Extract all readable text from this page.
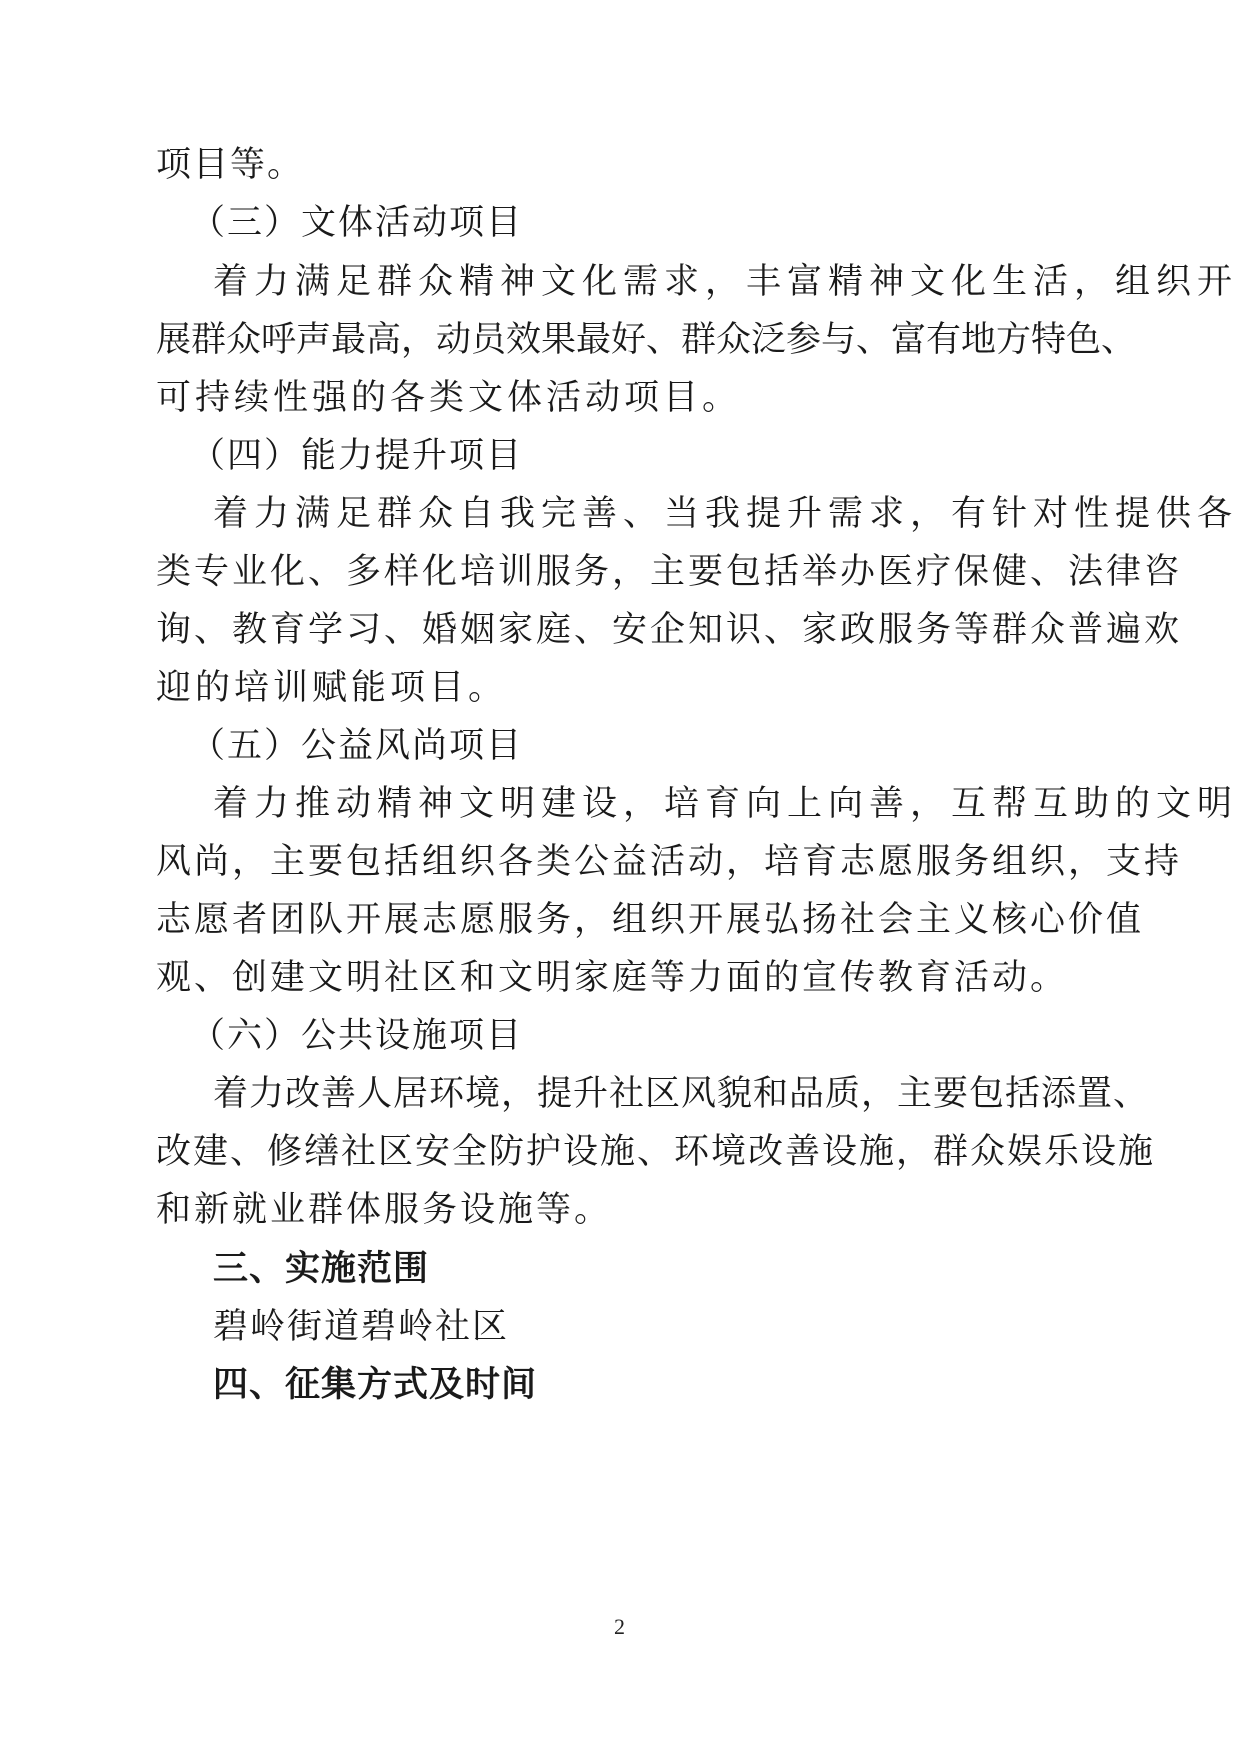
项目等。
（三）文体活动项目
着力满足群众精神文化需求，丰富精神文化生活，组织开
展群众呼声最高，动员效果最好、群众泛参与、富有地方特色、
可持续性强的各类文体活动项目。
（四）能力提升项目
着力满足群众自我完善、当我提升需求，有针对性提供各
类专业化、多样化培训服务，主要包括举办医疗保健、法律咨
询、教育学习、婚姻家庭、安企知识、家政服务等群众普遍欢
迎的培训赋能项目。
（五）公益风尚项目
着力推动精神文明建设，培育向上向善，互帮互助的文明
风尚，主要包括组织各类公益活动，培育志愿服务组织，支持
志愿者团队开展志愿服务，组织开展弘扬社会主义核心价值
观、创建文明社区和文明家庭等力面的宣传教育活动。
（六）公共设施项目
着力改善人居环境，提升社区风貌和品质，主要包括添置、
改建、修缮社区安全防护设施、环境改善设施，群众娱乐设施
和新就业群体服务设施等。
三、实施范围
碧岭街道碧岭社区
四、征集方式及时间
2
